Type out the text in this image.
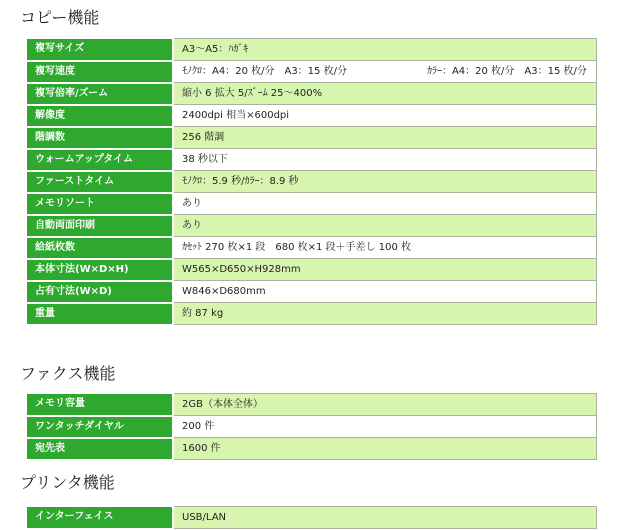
コピー機能
複写サイズ	A3～A5：ﾊｶﾞｷ
複写速度	ﾓﾉｸﾛ：A4：20 枚/分　A3：15 枚/分 ｶﾗｰ：A4：20 枚/分　A3：15 枚/分
複写倍率/ズーム	縮小 6 拡大 5/ｽﾞｰﾑ 25～400%
解像度	2400dpi 相当×600dpi
階調数	256 階調
ウォームアップタイム	38 秒以下
ファーストタイム	ﾓﾉｸﾛ：5.9 秒/ｶﾗｰ：8.9 秒
メモリソート	あり
自動両面印刷	あり
給紙枚数	ｶｾｯﾄ 270 枚×1 段　680 枚×1 段＋手差し 100 枚
本体寸法(W×D×H)	W565×D650×H928mm
占有寸法(W×D)	W846×D680mm
重量	約 87 kg
ファクス機能
メモリ容量	2GB（本体全体）
ワンタッチダイヤル	200 件
宛先表	1600 件
プリンタ機能
インターフェイス	USB/LAN
